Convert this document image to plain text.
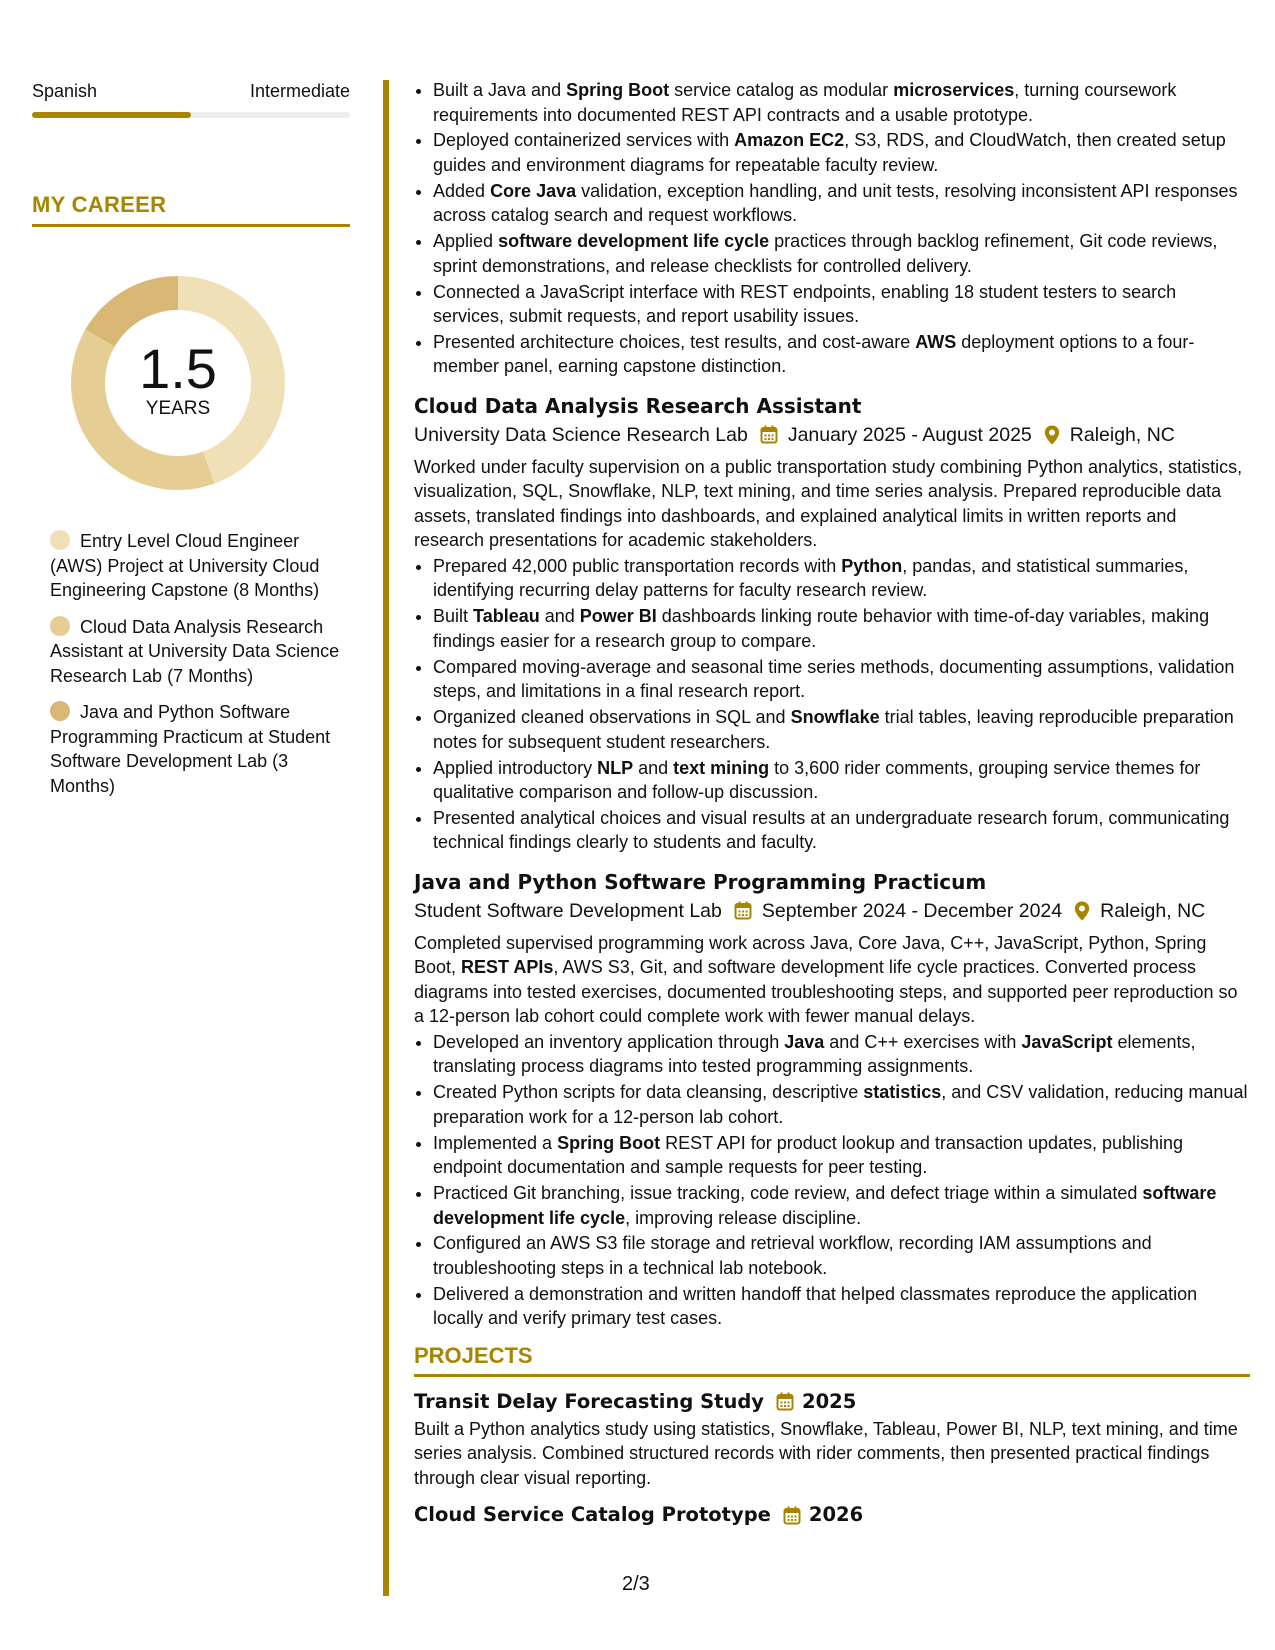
Spanish	Intermediate
MY CAREER
1.5
YEARS
Entry Level Cloud Engineer (AWS) Project at University Cloud Engineering Capstone (8 Months)
Cloud Data Analysis Research Assistant at University Data Science Research Lab (7 Months)
Java and Python Software Programming Practicum at Student Software Development Lab (3 Months)
• Built a Java and Spring Boot service catalog as modular microservices, turning coursework requirements into documented REST API contracts and a usable prototype.
• Deployed containerized services with Amazon EC2, S3, RDS, and CloudWatch, then created setup guides and environment diagrams for repeatable faculty review.
• Added Core Java validation, exception handling, and unit tests, resolving inconsistent API responses across catalog search and request workflows.
• Applied software development life cycle practices through backlog refinement, Git code reviews, sprint demonstrations, and release checklists for controlled delivery.
• Connected a JavaScript interface with REST endpoints, enabling 18 student testers to search services, submit requests, and report usability issues.
• Presented architecture choices, test results, and cost-aware AWS deployment options to a four-member panel, earning capstone distinction.
Cloud Data Analysis Research Assistant
University Data Science Research Lab January 2025 - August 2025 Raleigh, NC
Worked under faculty supervision on a public transportation study combining Python analytics, statistics, visualization, SQL, Snowflake, NLP, text mining, and time series analysis. Prepared reproducible data assets, translated findings into dashboards, and explained analytical limits in written reports and research presentations for academic stakeholders.
• Prepared 42,000 public transportation records with Python, pandas, and statistical summaries, identifying recurring delay patterns for faculty research review.
• Built Tableau and Power BI dashboards linking route behavior with time-of-day variables, making findings easier for a research group to compare.
• Compared moving-average and seasonal time series methods, documenting assumptions, validation steps, and limitations in a final research report.
• Organized cleaned observations in SQL and Snowflake trial tables, leaving reproducible preparation notes for subsequent student researchers.
• Applied introductory NLP and text mining to 3,600 rider comments, grouping service themes for qualitative comparison and follow-up discussion.
• Presented analytical choices and visual results at an undergraduate research forum, communicating technical findings clearly to students and faculty.
Java and Python Software Programming Practicum
Student Software Development Lab September 2024 - December 2024 Raleigh, NC
Completed supervised programming work across Java, Core Java, C++, JavaScript, Python, Spring Boot, REST APIs, AWS S3, Git, and software development life cycle practices. Converted process diagrams into tested exercises, documented troubleshooting steps, and supported peer reproduction so a 12-person lab cohort could complete work with fewer manual delays.
• Developed an inventory application through Java and C++ exercises with JavaScript elements, translating process diagrams into tested programming assignments.
• Created Python scripts for data cleansing, descriptive statistics, and CSV validation, reducing manual preparation work for a 12-person lab cohort.
• Implemented a Spring Boot REST API for product lookup and transaction updates, publishing endpoint documentation and sample requests for peer testing.
• Practiced Git branching, issue tracking, code review, and defect triage within a simulated software development life cycle, improving release discipline.
• Configured an AWS S3 file storage and retrieval workflow, recording IAM assumptions and troubleshooting steps in a technical lab notebook.
• Delivered a demonstration and written handoff that helped classmates reproduce the application locally and verify primary test cases.
PROJECTS
Transit Delay Forecasting Study 2025
Built a Python analytics study using statistics, Snowflake, Tableau, Power BI, NLP, text mining, and time series analysis. Combined structured records with rider comments, then presented practical findings through clear visual reporting.
Cloud Service Catalog Prototype 2026
2/3
